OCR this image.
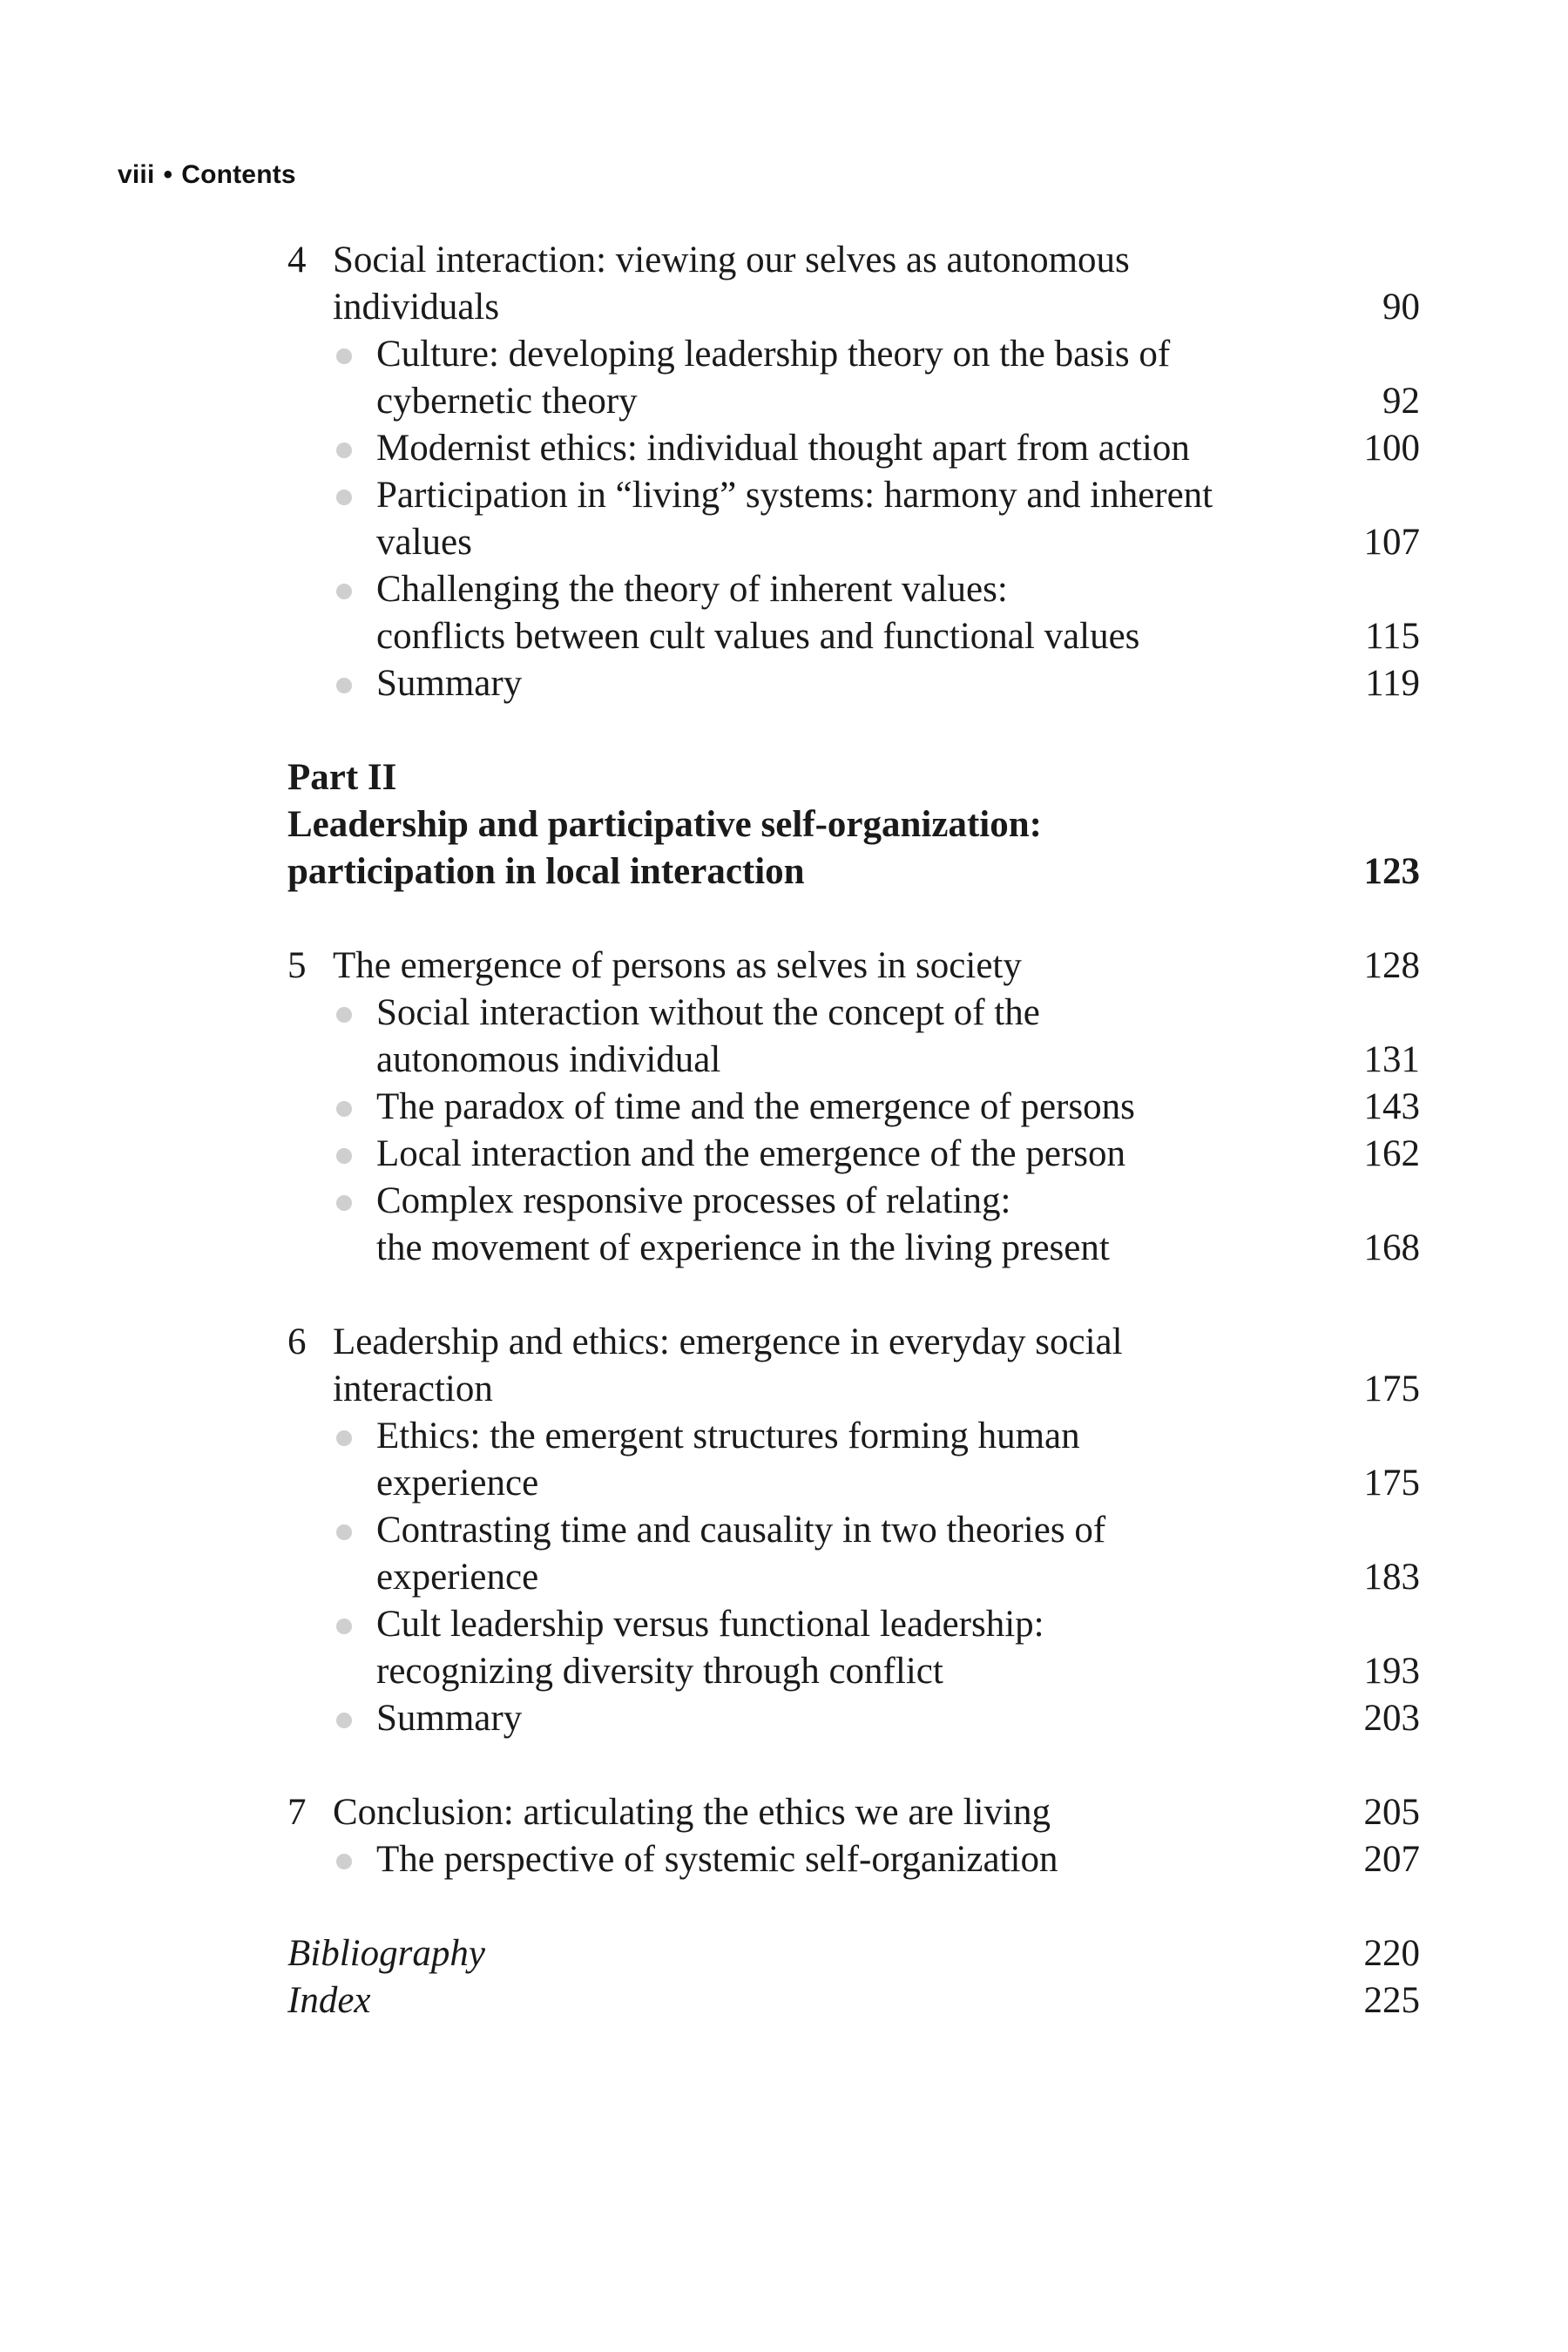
viii • Contents
4 Social interaction: viewing our selves as autonomous
individuals	90
Culture: developing leadership theory on the basis of
cybernetic theory	92
Modernist ethics: individual thought apart from action	100
Participation in “living” systems: harmony and inherent
values	107
Challenging the theory of inherent values:
conflicts between cult values and functional values	115
Summary	119
Part II
Leadership and participative self-organization:
participation in local interaction	123
5 The emergence of persons as selves in society	128
Social interaction without the concept of the
autonomous individual	131
The paradox of time and the emergence of persons	143
Local interaction and the emergence of the person	162
Complex responsive processes of relating:
the movement of experience in the living present	168
6 Leadership and ethics: emergence in everyday social
interaction	175
Ethics: the emergent structures forming human
experience	175
Contrasting time and causality in two theories of
experience	183
Cult leadership versus functional leadership:
recognizing diversity through conflict	193
Summary	203
7 Conclusion: articulating the ethics we are living	205
The perspective of systemic self-organization	207
Bibliography	220
Index	225
